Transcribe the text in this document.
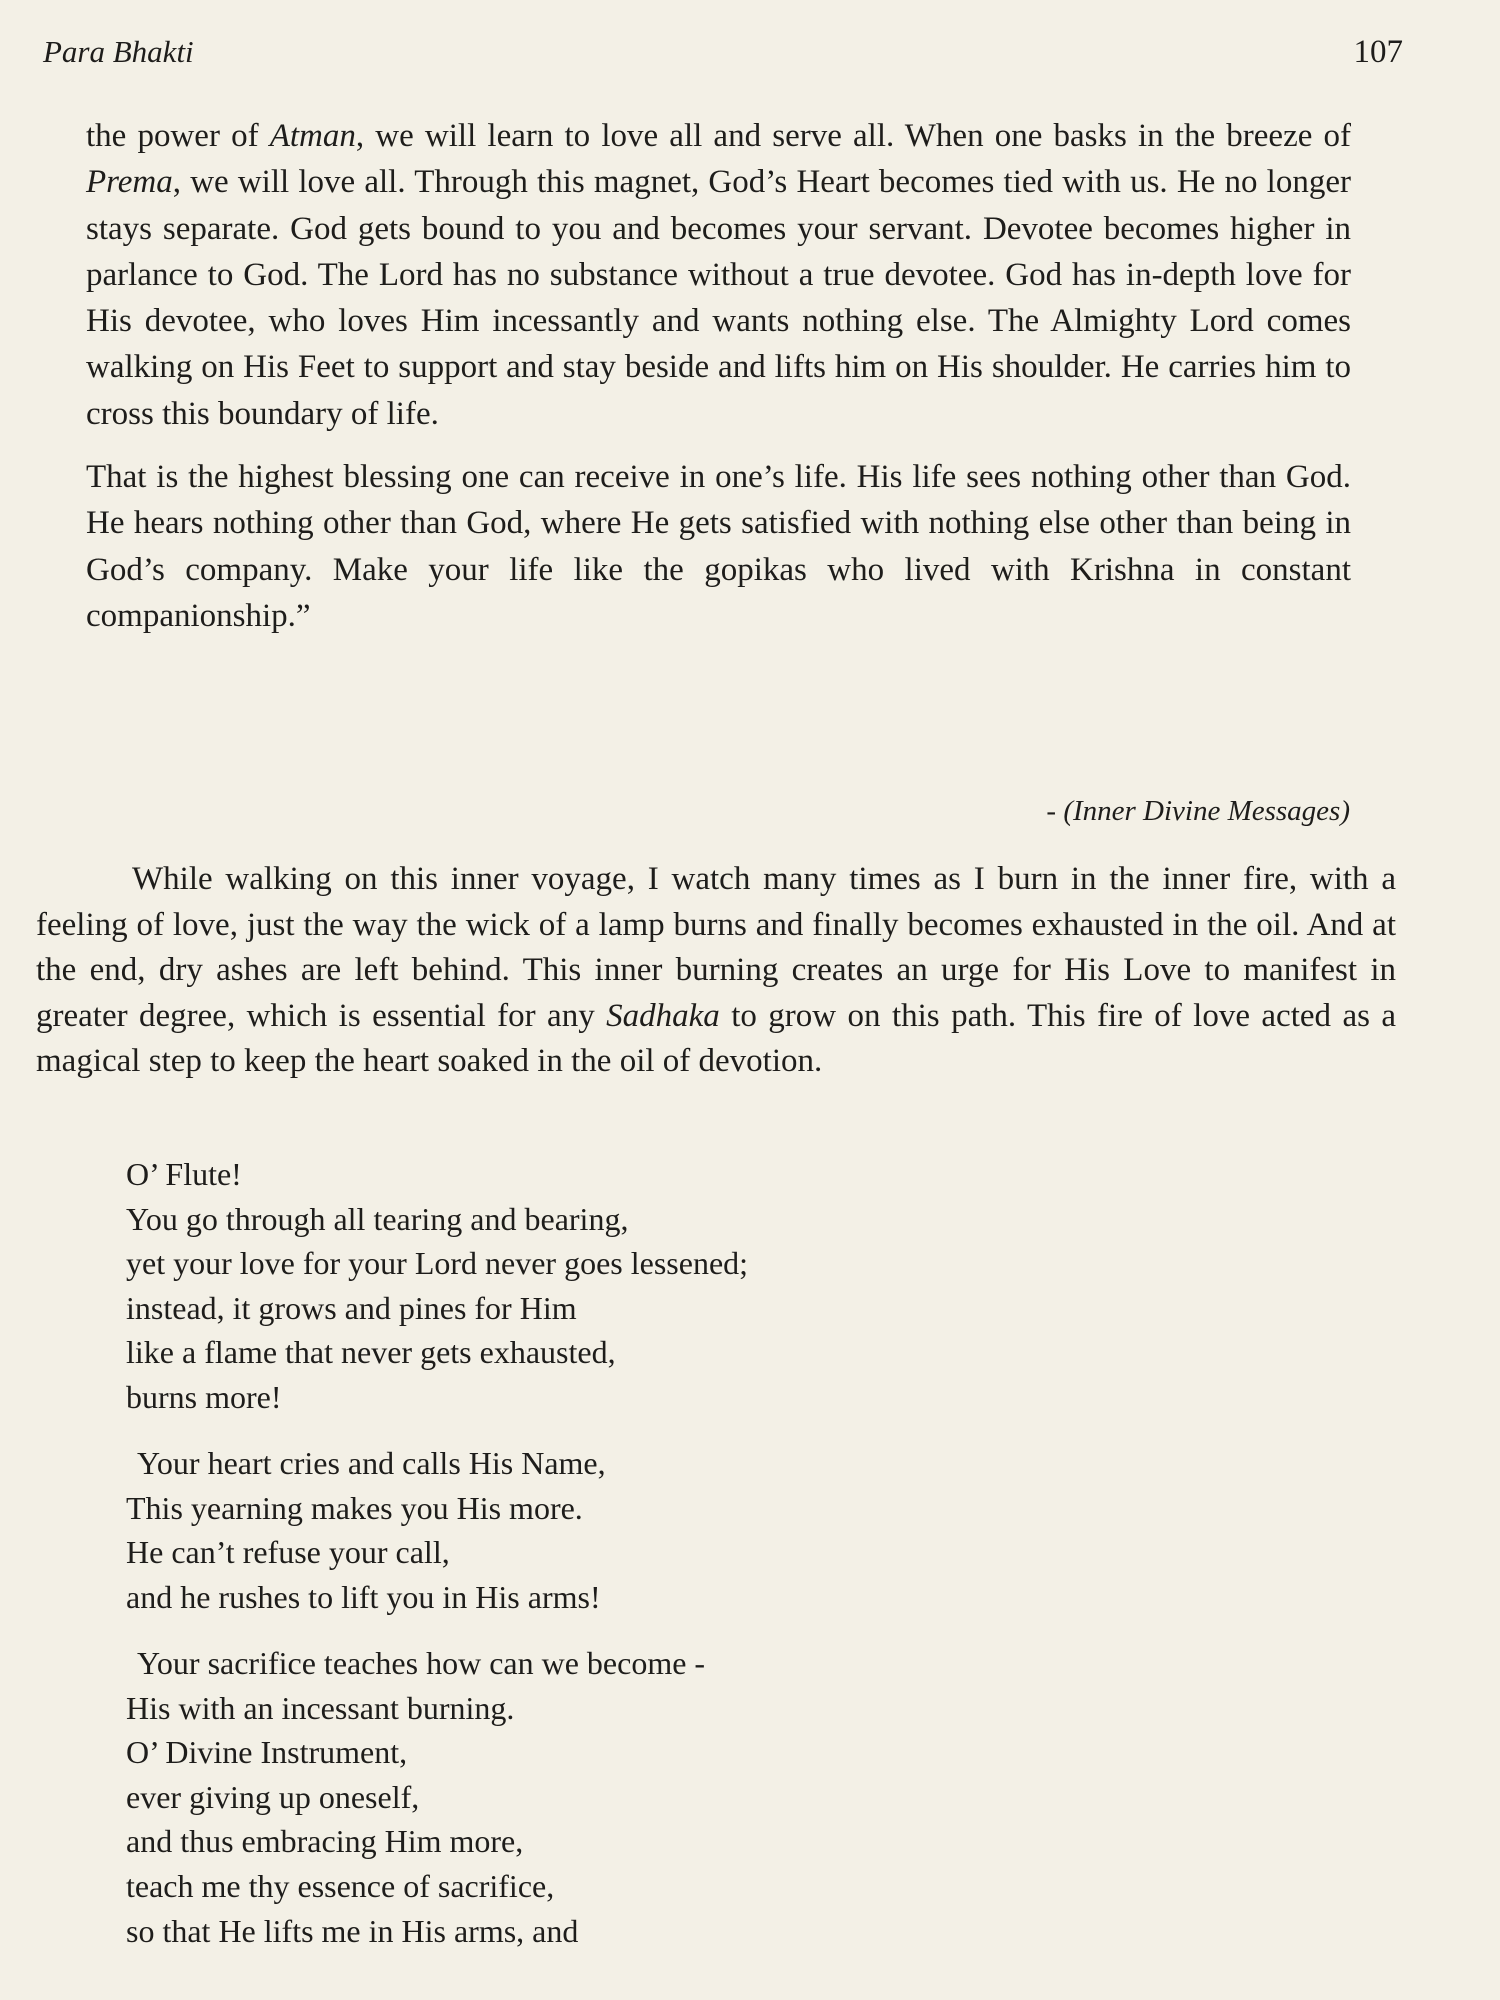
Para Bhakti	107

the power of Atman, we will learn to love all and serve all. When one basks in the breeze of Prema, we will love all. Through this magnet, God’s Heart becomes tied with us. He no longer stays separate. God gets bound to you and becomes your servant. Devotee becomes higher in parlance to God. The Lord has no substance without a true devotee. God has in-depth love for His devotee, who loves Him incessantly and wants nothing else. The Almighty Lord comes walking on His Feet to support and stay beside and lifts him on His shoulder. He carries him to cross this boundary of life.

That is the highest blessing one can receive in one’s life. His life sees nothing other than God. He hears nothing other than God, where He gets satisfied with nothing else other than being in God’s company. Make your life like the gopikas who lived with Krishna in constant companionship.”

- (Inner Divine Messages)

While walking on this inner voyage, I watch many times as I burn in the inner fire, with a feeling of love, just the way the wick of a lamp burns and finally becomes exhausted in the oil. And at the end, dry ashes are left behind. This inner burning creates an urge for His Love to manifest in greater degree, which is essential for any Sadhaka to grow on this path. This fire of love acted as a magical step to keep the heart soaked in the oil of devotion.

O’ Flute!
You go through all tearing and bearing,
yet your love for your Lord never goes lessened;
instead, it grows and pines for Him
like a flame that never gets exhausted,
burns more!
Your heart cries and calls His Name,
This yearning makes you His more.
He can’t refuse your call,
and he rushes to lift you in His arms!
Your sacrifice teaches how can we become -
His with an incessant burning.
O’ Divine Instrument,
ever giving up oneself,
and thus embracing Him more,
teach me thy essence of sacrifice,
so that He lifts me in His arms, and
